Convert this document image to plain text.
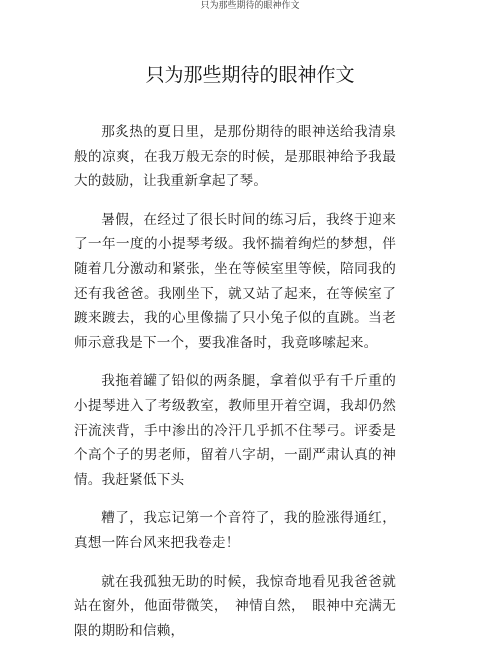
只为那些期待的眼神作文
只为那些期待的眼神作文

那炙热的夏日里，是那份期待的眼神送给我清泉般的凉爽，在我万般无奈的时候，是那眼神给予我最大的鼓励，让我重新拿起了琴。

暑假，在经过了很长时间的练习后，我终于迎来了一年一度的小提琴考级。我怀揣着绚烂的梦想，伴随着几分激动和紧张，坐在等候室里等候，陪同我的还有我爸爸。我刚坐下，就又站了起来，在等候室了踱来踱去，我的心里像揣了只小兔子似的直跳。当老师示意我是下一个，要我准备时，我竟哆嗦起来。

我拖着罐了铅似的两条腿，拿着似乎有千斤重的小提琴进入了考级教室，教师里开着空调，我却仍然汗流浃背，手中渗出的冷汗几乎抓不住琴弓。评委是个高个子的男老师，留着八字胡，一副严肃认真的神情。我赶紧低下头

糟了，我忘记第一个音符了，我的脸涨得通红，真想一阵台风来把我卷走！

就在我孤独无助的时候，我惊奇地看见我爸爸就站在窗外，他面带微笑，　神情自然，　眼神中充满无限的期盼和信赖，
